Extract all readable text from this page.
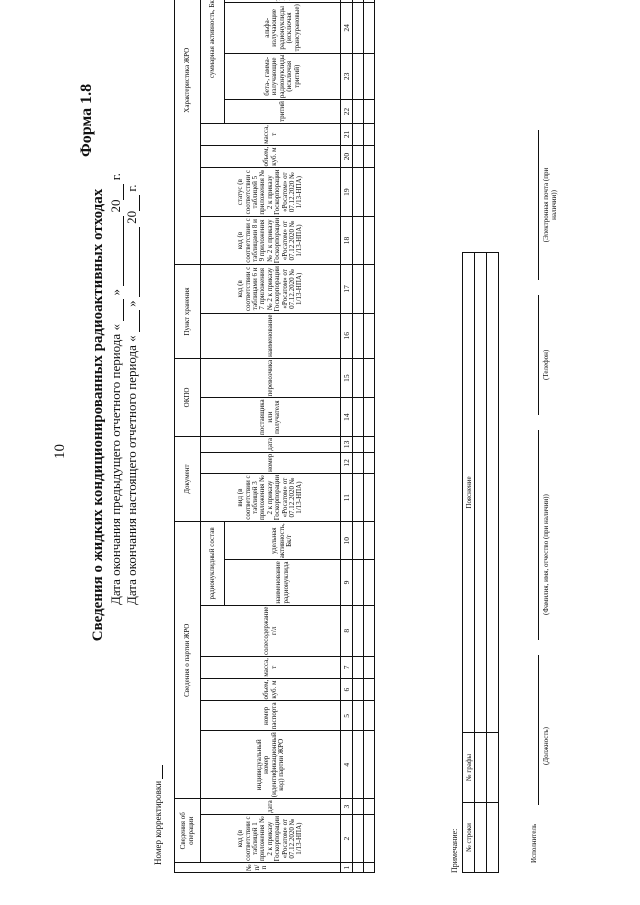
10
Форма 1.8
Сведения о жидких кондиционированных радиоактивных отходах Дата окончания предыдущего отчетного периода «  »  20 г.
Дата окончания настоящего отчетного периода «  »  20 г.
Номер корректировки
№ п/п	Сведения об операции		Сведения о партии ЖРО							Документ			ОКПО		Пункт хранения		Характеристика ЖРО		
	код (в соответствии с таблицей 1 приложения № 2 к приказу Госкорпорации «Росатом» от 07.12.2020 № 1/13-НПА)	дата	индивидуальный номер (идентификационный код) партии ЖРО	номер паспорта	объем, куб. м	масса, т	солесодержание г/л	радионуклидный состав		вид (в соответствии с таблицей 3 приложения № 2 к приказу Госкорпорации «Росатом» от 07.12.2020 № 1/13-НПА)	номер	дата	поставщика или получателя	перевозчика	наименование	код (в соответствии с таблицами 6 и 7 приложения № 2 к приказу Госкорпорации «Росатом» от 07.12.2020 № 1/13-НПА)	код (в соответствии с таблицами 8 и 9 приложения № 2 к приказу Госкорпорации «Росатом» от 07.12.2020 № 1/13-НПА)	статус (в соответствии с таблицей 5 приложения № 2 к приказу Госкорпорации «Росатом» от 07.12.2020 № 1/13-НПА)	объем, куб. м	масса, т	суммарная активность, Бк	
								наименование радионуклида	удельная активность, Бк/г												тритий	бета-, гамма- излучающие радионуклиды (исключая тритий)	альфа-излучающие радионуклиды (исключая трансурановые)	
1	2	3	4	5	6	7	8	9	10	11	12	13	14	15	16	17	18	19	20	21	22	23	24				

Примечание: № строки	№ графы	Пояснение

Исполнитель
(Должность)
(Фамилия, имя, отчество (при наличии))
(Телефон)
(Электронная почта (при наличии))
